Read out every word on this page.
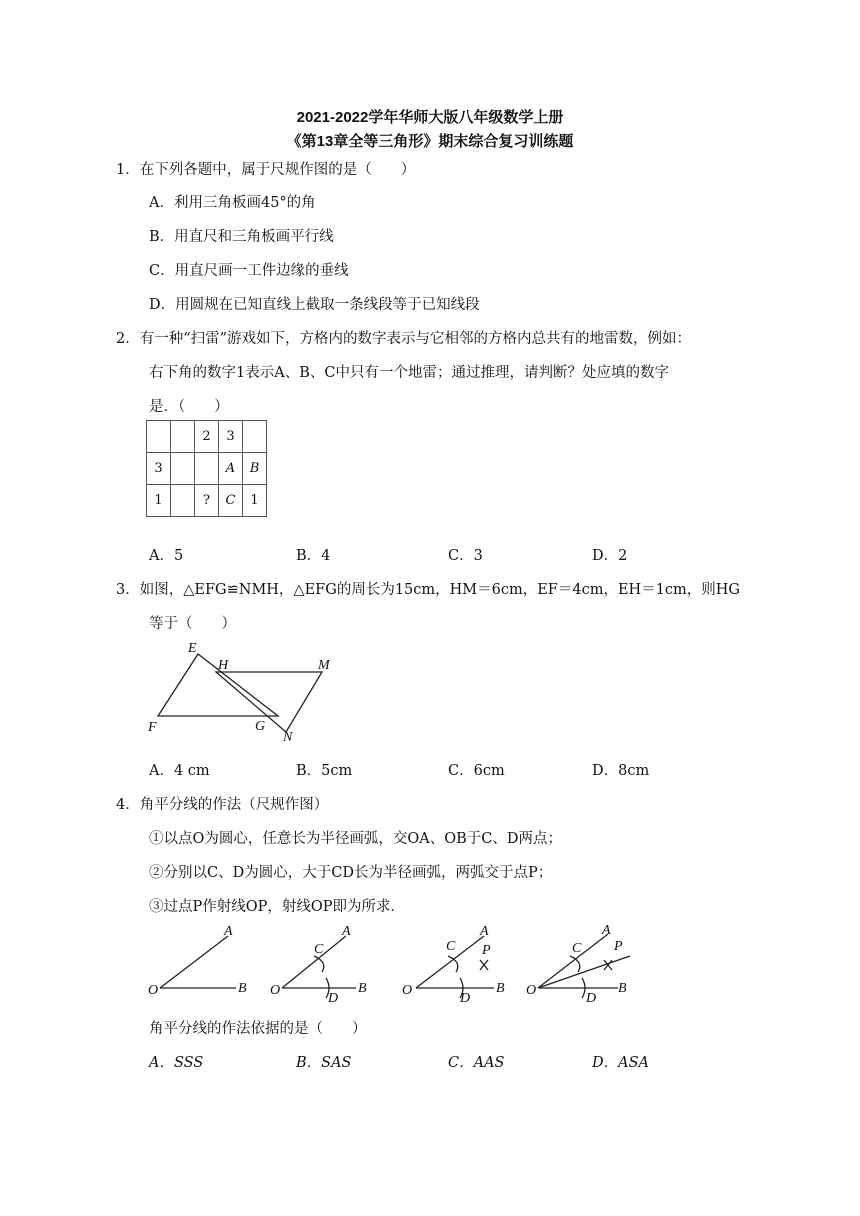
2021-2022学年华师大版八年级数学上册
《第13章全等三角形》期末综合复习训练题
1．在下列各题中，属于尺规作图的是（　　）
A．利用三角板画45°的角
B．用直尺和三角板画平行线
C．用直尺画一工件边缘的垂线
D．用圆规在已知直线上截取一条线段等于已知线段
2．有一种“扫雷”游戏如下，方格内的数字表示与它相邻的方格内总共有的地雷数，例如：
右下角的数字1表示A、B、C中只有一个地雷；通过推理，请判断？处应填的数字
是．（　　）
		2	3	
3			A	B
1		?	C	1
A．5	B．4	C．3	D．2
3．如图，△EFG≌NMH，△EFG的周长为15cm，HM＝6cm，EF＝4cm，EH＝1cm，则HG
等于（　　）
E
H	M
F	G
N
A．4 cm	B．5cm	C．6cm	D．8cm
4．角平分线的作法（尺规作图）
①以点O为圆心，任意长为半径画弧，交OA、OB于C、D两点；
②分别以C、D为圆心，大于CD长为半径画弧，两弧交于点P；
③过点P作射线OP，射线OP即为所求．
O
A
B O
A
B
C
D
O
A
B
C
D
P
O
A
B
C
D
P
角平分线的作法依据的是（　　）
A．SSS	B．SAS	C．AAS	D．ASA
